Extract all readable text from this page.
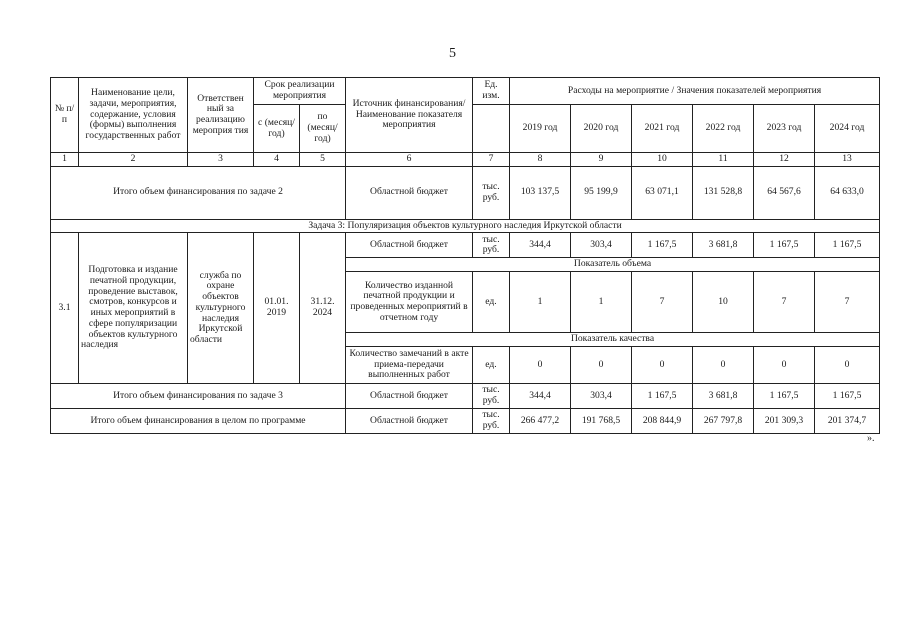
5
№ п/п	Наименование цели, задачи, мероприятия, содержание, условия (формы) выполнения государственных работ	Ответствен ный за реализацию мероприя тия	Срок реализации мероприятия		Источник финансирования/ Наименование показателя мероприятия	Ед. изм.	Расходы на мероприятие / Значения показателей мероприятия					
			с (месяц/ год)	по (месяц/ год)			2019 год	2020 год	2021 год	2022 год	2023 год	2024 год
1	2	3	4	5	6	7	8	9	10	11	12	13
Итого объем финансирования по задаче 2					Областной бюджет	тыс. руб.	103 137,5	95 199,9	63 071,1	131 528,8	64 567,6	64 633,0
Задача 3: Популяризация объектов культурного наследия Иркутской области												
3.1	Подготовка и издание печатной продукции, проведение выставок, смотров, конкурсов и иных мероприятий в сфере популяризации объектов культурного наследия	служба по охране объектов культурного наследия Иркутской области	01.01. 2019	31.12. 2024	Областной бюджет	тыс. руб.	344,4	303,4	1 167,5	3 681,8	1 167,5	1 167,5
					Показатель объема							
					Количество изданной печатной продукции и проведенных мероприятий в отчетном году	ед.	1	1	7	10	7	7
					Показатель качества							
					Количество замечаний в акте приема-передачи выполненных работ	ед.	0	0	0	0	0	0
Итого объем финансирования по задаче 3					Областной бюджет	тыс. руб.	344,4	303,4	1 167,5	3 681,8	1 167,5	1 167,5
Итого объем финансирования в целом по программе					Областной бюджет	тыс. руб.	266 477,2	191 768,5	208 844,9	267 797,8	201 309,3	201 374,7
».
